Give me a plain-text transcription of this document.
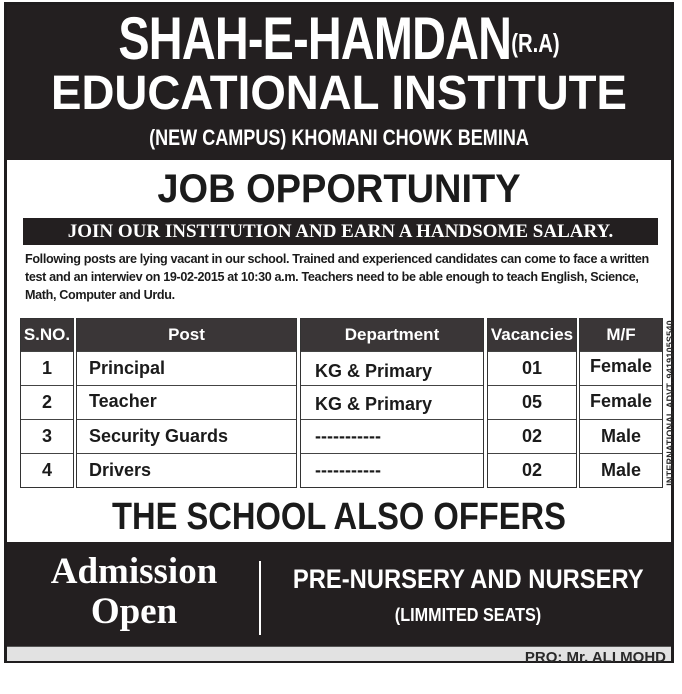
SHAH-$E-HAMDAN^{(R.A)}$
EDUCATIONAL INSTITUTE
(NEW CAMPUS) KHOMANI CHOWK BEMINA
JOB OPPORTUNITY
JOIN OUR INSTITUTION AND EARN A HANDSOME SALARY.
Following posts are lying vacant in our school. Trained and experienced candidates can come to face a written test and an interwiev on 19-02-2015 at 10:30 a.m. Teachers need to be able enough to teach English, Science, Math, Computer and Urdu.
S.NO.	Post	Department	Vacancies	M/F
1	Principal	KG & Primary	01	Female
2	Teacher	KG & Primary	05	Female
3	Security Guards	-----------	02	Male
4	Drivers	-----------	02	Male	INTERNATIONAL ADVT. 9419105S540
THE SCHOOL ALSO OFFERS
Admission
Open
PRE-NURSERY AND NURSERY
(LIMMITED SEATS)
PRO: Mr. ALI MOHD
